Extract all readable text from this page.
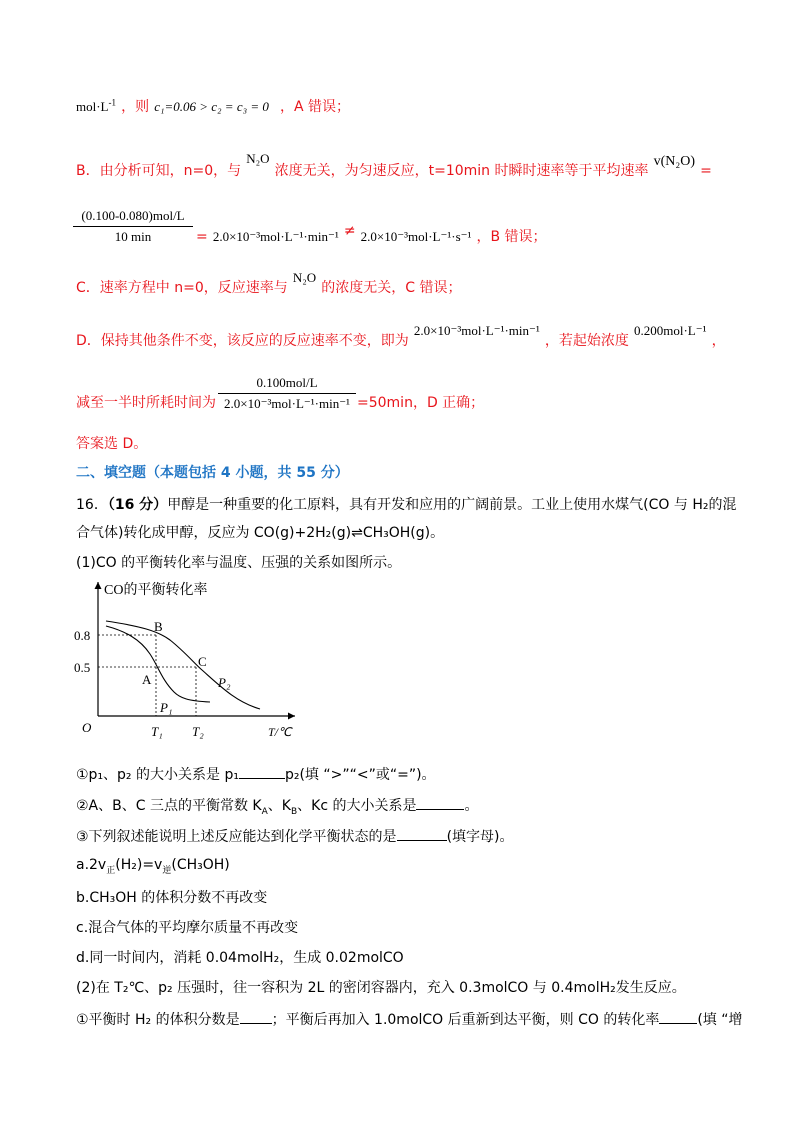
$mol\cdot L^{-1}$ ，则 c₁=0.06 > c₂ = c₃ = 0 ，A 错误；
B．由分析可知，n=0，与 $^{N_2O}$ 浓度无关，为匀速反应，t=10min 时瞬时速率等于平均速率 v(N₂O) =
(0.100-0.080)mol/L
10 min	= 2.0×10⁻³mol·L⁻¹·min⁻¹ ≠ 2.0×10⁻³mol·L⁻¹·s⁻¹ ，B 错误；
C．速率方程中 n=0，反应速率与 $^{N_2O}$ 的浓度无关，C 错误；
D．保持其他条件不变，该反应的反应速率不变，即为 $^{2.0\times 10^{-3}mol\cdot L^{-1}\cdot min^{-1}}$ ，若起始浓度 $^{0.200mol\cdot L^{-1}}$ ，
减至一半时所耗时间为
0.100mol/L
2.0×10⁻³mol·L⁻¹·min⁻¹ =50min，D 正确；
答案选 D。
二、填空题（本题包括 4 小题，共 55 分）
16．（16 分）甲醇是一种重要的化工原料，具有开发和应用的广阔前景。工业上使用水煤气(CO 与 H₂的混
合气体)转化成甲醇，反应为 CO(g)+2H₂(g)⇌CH₃OH(g)。
(1)CO 的平衡转化率与温度、压强的关系如图所示。
CO的平衡转化率
T/℃
O
0.8
0.5
T₁ T₂
A
B
C
P₁
P₂
①p₁、p₂ 的大小关系是 p₁	p₂(填 “>”“<”或“=”)。
②A、B、C 三点的平衡常数 $K_A$、$K_B$、Kc 的大小关系是	。
③下列叙述能说明上述反应能达到化学平衡状态的是	(填字母)。
$a.2v_正(H_2)=v_逆(CH_3OH)$
b.CH₃OH 的体积分数不再改变
c.混合气体的平均摩尔质量不再改变
d.同一时间内，消耗 0.04molH₂，生成 0.02molCO
(2)在 T₂℃、p₂ 压强时，往一容积为 2L 的密闭容器内，充入 0.3molCO 与 0.4molH₂发生反应。
①平衡时 H₂ 的体积分数是 ；平衡后再加入 1.0molCO 后重新到达平衡，则 CO 的转化率	(填 “增
